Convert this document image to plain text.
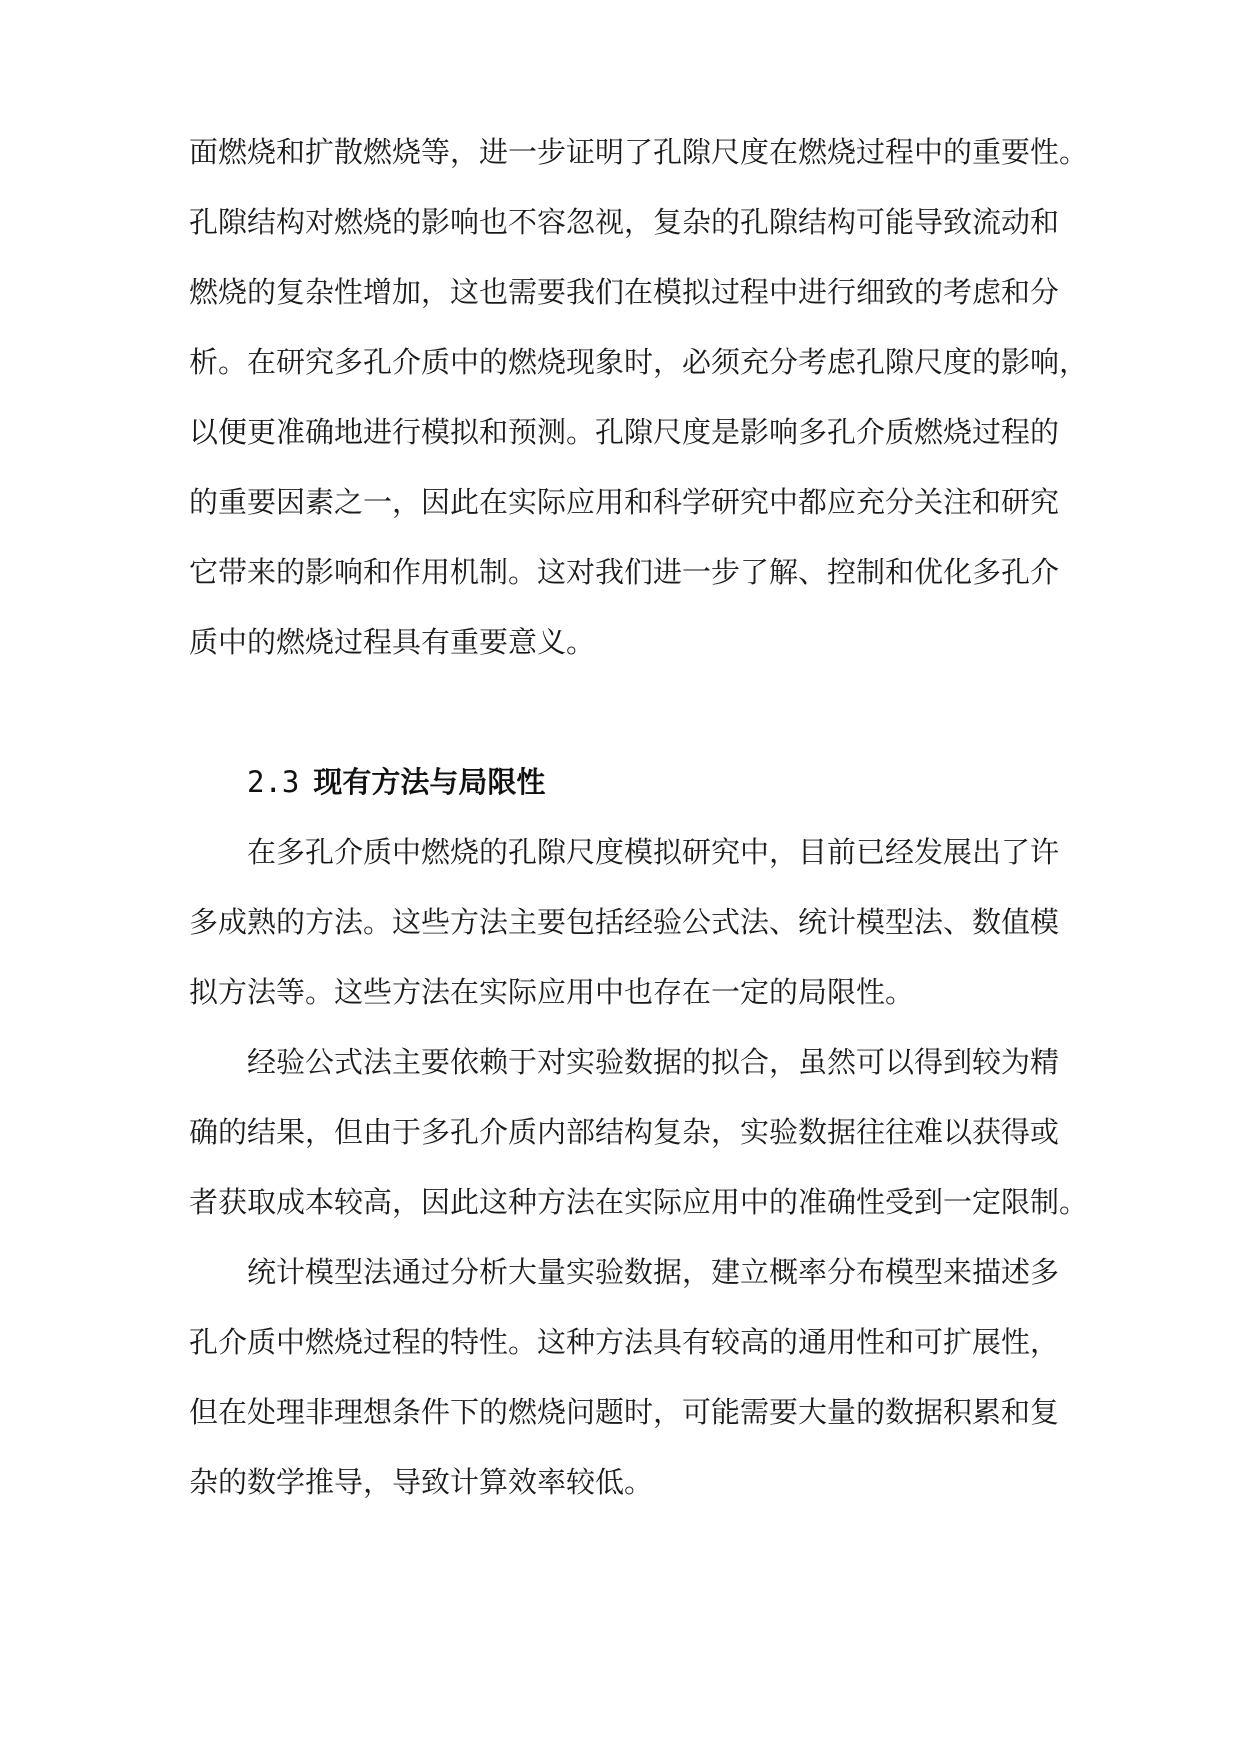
面燃烧和扩散燃烧等，进一步证明了孔隙尺度在燃烧过程中的重要性。
孔隙结构对燃烧的影响也不容忽视，复杂的孔隙结构可能导致流动和
燃烧的复杂性增加，这也需要我们在模拟过程中进行细致的考虑和分
析。在研究多孔介质中的燃烧现象时，必须充分考虑孔隙尺度的影响，
以便更准确地进行模拟和预测。孔隙尺度是影响多孔介质燃烧过程的
的重要因素之一，因此在实际应用和科学研究中都应充分关注和研究
它带来的影响和作用机制。这对我们进一步了解、控制和优化多孔介
质中的燃烧过程具有重要意义。
2.3 现有方法与局限性
在多孔介质中燃烧的孔隙尺度模拟研究中，目前已经发展出了许
多成熟的方法。这些方法主要包括经验公式法、统计模型法、数值模
拟方法等。这些方法在实际应用中也存在一定的局限性。
经验公式法主要依赖于对实验数据的拟合，虽然可以得到较为精
确的结果，但由于多孔介质内部结构复杂，实验数据往往难以获得或
者获取成本较高，因此这种方法在实际应用中的准确性受到一定限制。
统计模型法通过分析大量实验数据，建立概率分布模型来描述多
孔介质中燃烧过程的特性。这种方法具有较高的通用性和可扩展性，
但在处理非理想条件下的燃烧问题时，可能需要大量的数据积累和复
杂的数学推导，导致计算效率较低。
